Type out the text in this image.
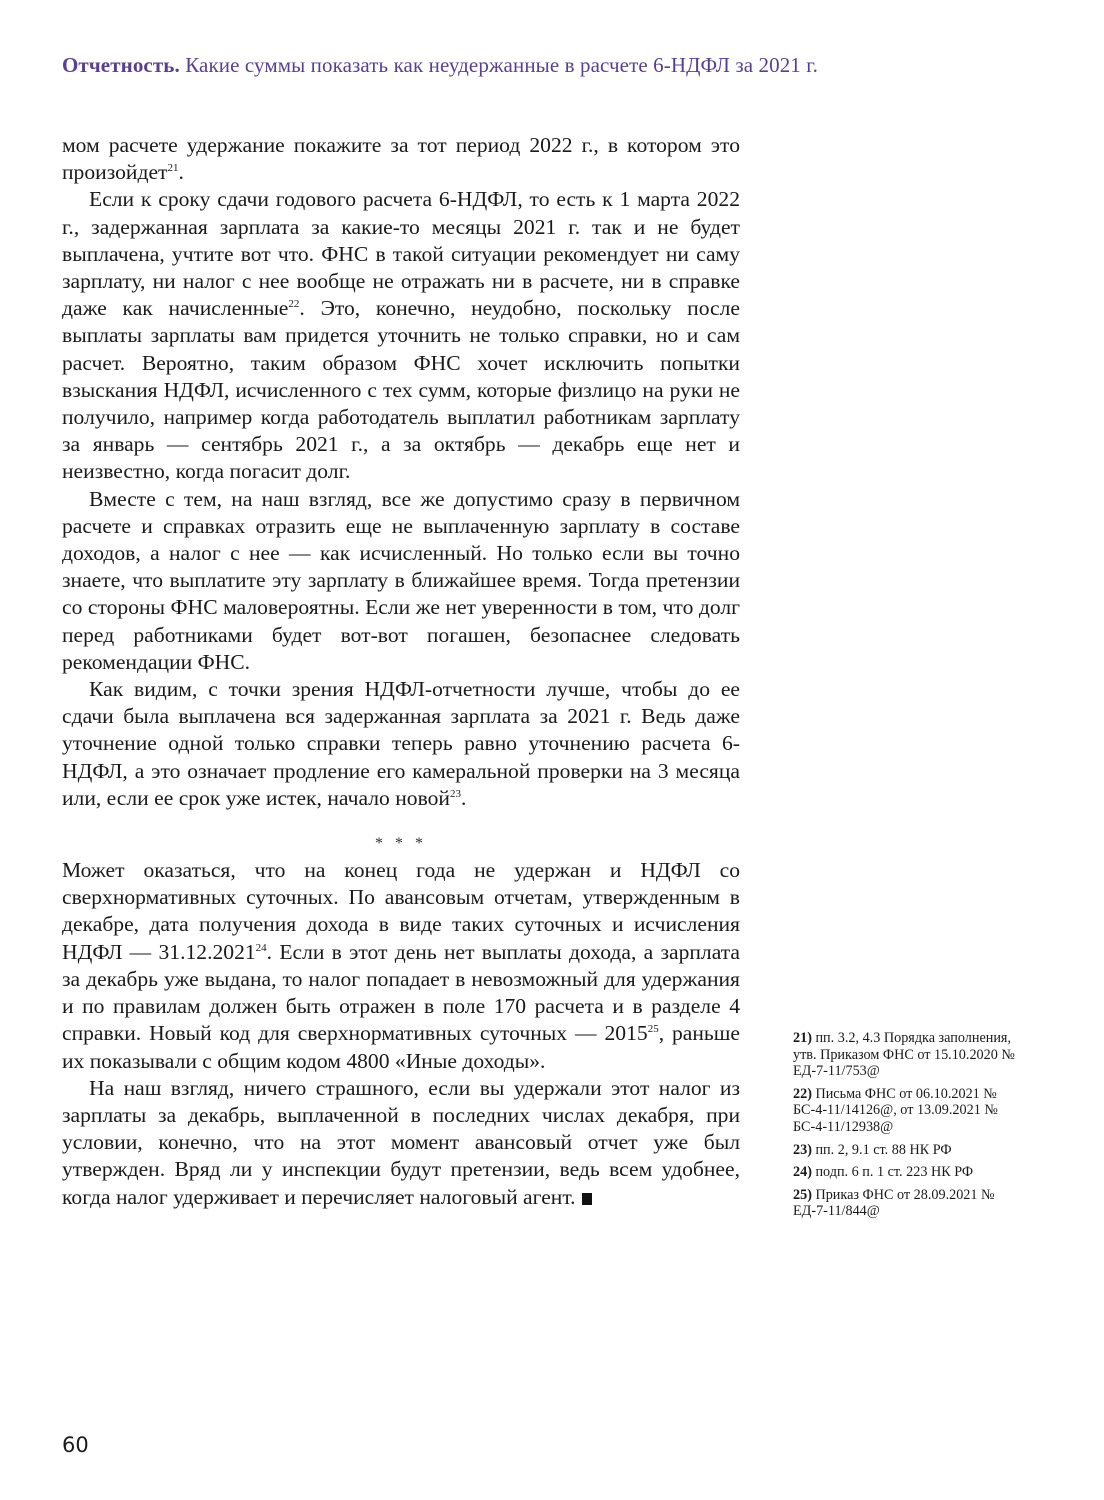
Отчетность. Какие суммы показать как неудержанные в расчете 6-НДФЛ за 2021 г.

мом расчете удержание покажите за тот период 2022 г., в котором это произойдет$^{21}$.

Если к сроку сдачи годового расчета 6-НДФЛ, то есть к 1 марта 2022 г., задержанная зарплата за какие-то месяцы 2021 г. так и не будет выплачена, учтите вот что. ФНС в такой ситуации рекомендует ни саму зарплату, ни налог с нее вообще не отражать ни в расчете, ни в справке даже как начисленные$^{22}$. Это, конечно, неудобно, поскольку после выплаты зарплаты вам придется уточнить не только справки, но и сам расчет. Вероятно, таким образом ФНС хочет исключить попытки взыскания НДФЛ, исчисленного с тех сумм, которые физлицо на руки не получило, например когда работодатель выплатил работникам зарплату за январь — сентябрь 2021 г., а за октябрь — декабрь еще нет и неизвестно, когда погасит долг.

Вместе с тем, на наш взгляд, все же допустимо сразу в первичном расчете и справках отразить еще не выплаченную зарплату в составе доходов, а налог с нее — как исчисленный. Но только если вы точно знаете, что выплатите эту зарплату в ближайшее время. Тогда претензии со стороны ФНС маловероятны. Если же нет уверенности в том, что долг перед работниками будет вот-вот погашен, безопаснее следовать рекомендации ФНС.

Как видим, с точки зрения НДФЛ-отчетности лучше, чтобы до ее сдачи была выплачена вся задержанная зарплата за 2021 г. Ведь даже уточнение одной только справки теперь равно уточнению расчета 6-НДФЛ, а это означает продление его камеральной проверки на 3 месяца или, если ее срок уже истек, начало новой$^{23}$.

* * *

Может оказаться, что на конец года не удержан и НДФЛ со сверхнормативных суточных. По авансовым отчетам, утвержденным в декабре, дата получения дохода в виде таких суточных и исчисления НДФЛ — 31.12.2021$^{24}$. Если в этот день нет выплаты дохода, а зарплата за декабрь уже выдана, то налог попадает в невозможный для удержания и по правилам должен быть отражен в поле 170 расчета и в разделе 4 справки. Новый код для сверхнормативных суточных — 2015$^{25}$, раньше их показывали с общим кодом 4800 «Иные доходы».

На наш взгляд, ничего страшного, если вы удержали этот налог из зарплаты за декабрь, выплаченной в последних числах декабря, при условии, конечно, что на этот момент авансовый отчет уже был утвержден. Вряд ли у инспекции будут претензии, ведь всем удобнее, когда налог удерживает и перечисляет налоговый агент.

21) пп. 3.2, 4.3 Порядка заполнения, утв. Приказом ФНС от 15.10.2020 № ЕД-7-11/753@
22) Письма ФНС от 06.10.2021 № БС-4-11/14126@, от 13.09.2021 № БС-4-11/12938@
23) пп. 2, 9.1 ст. 88 НК РФ
24) подп. 6 п. 1 ст. 223 НК РФ
25) Приказ ФНС от 28.09.2021 № ЕД-7-11/844@
60
